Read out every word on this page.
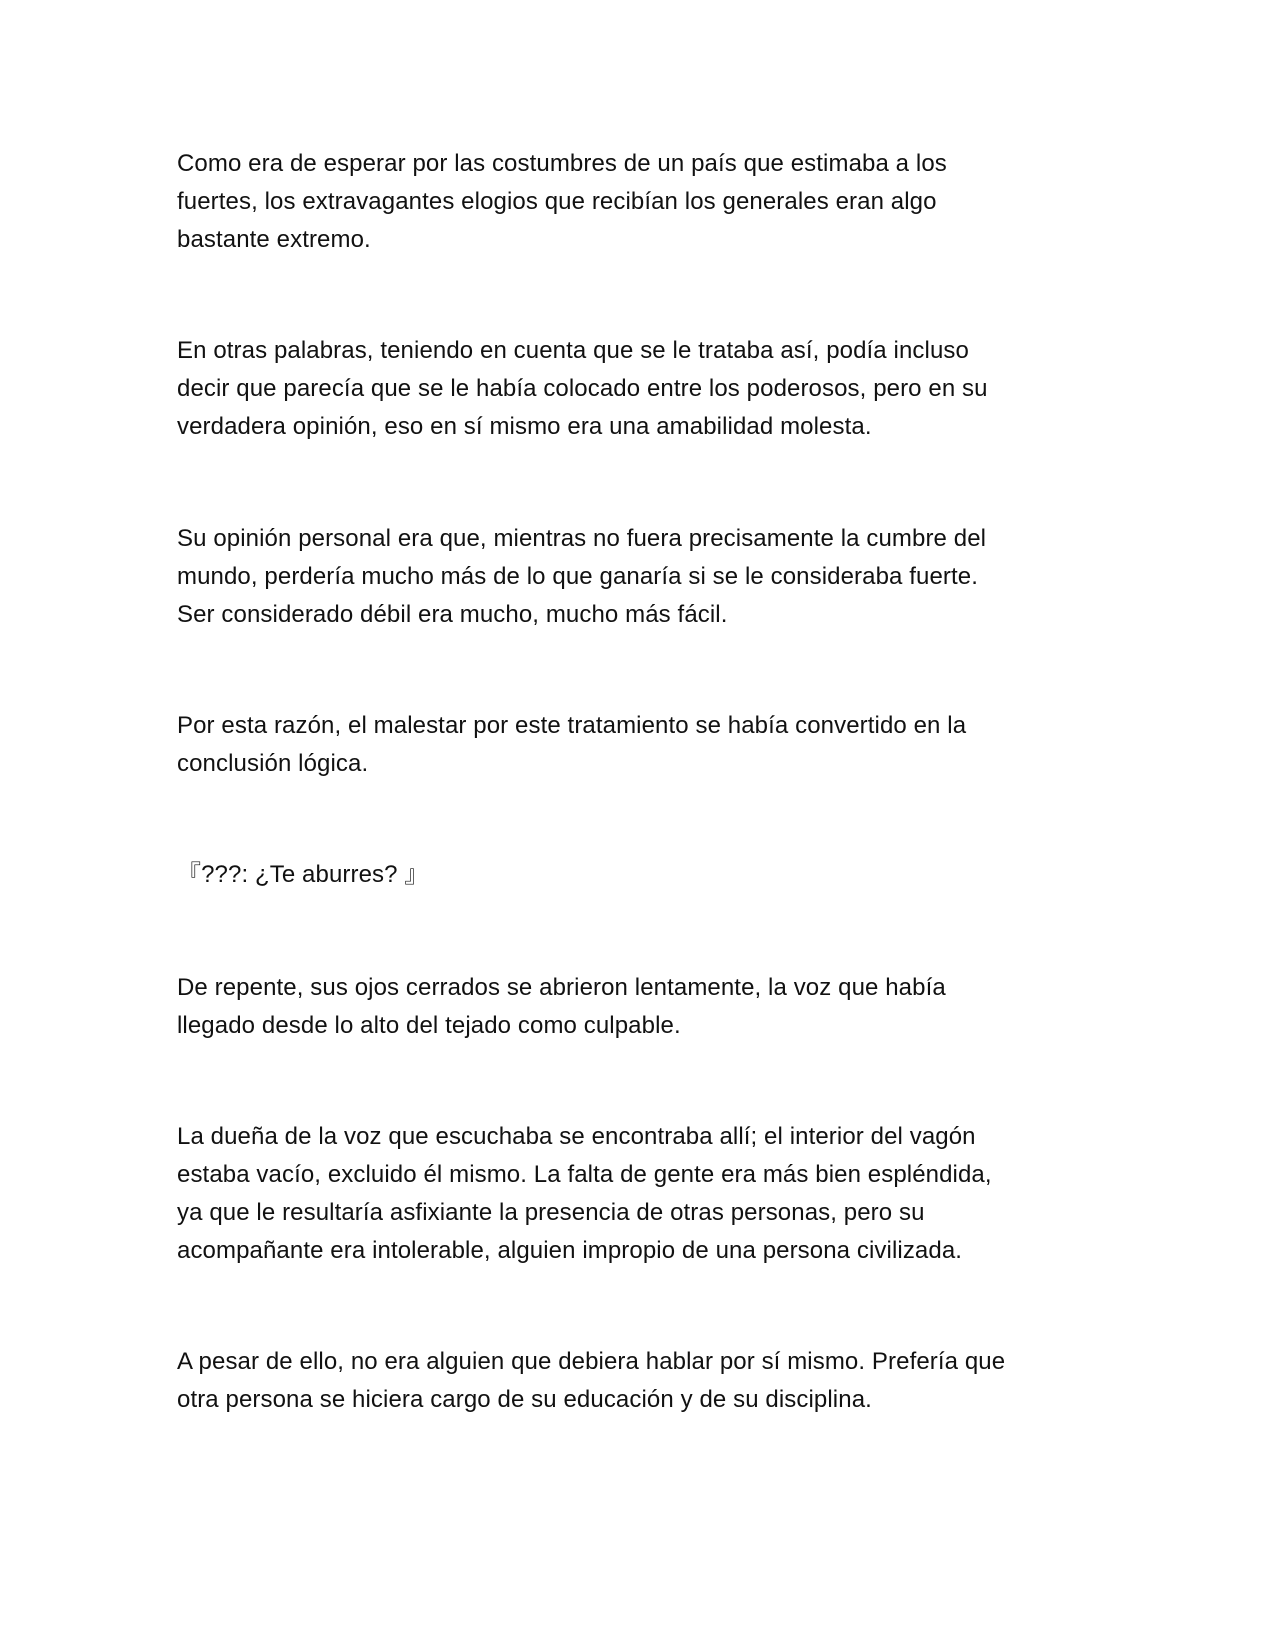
Como era de esperar por las costumbres de un país que estimaba a los
fuertes, los extravagantes elogios que recibían los generales eran algo
bastante extremo.

En otras palabras, teniendo en cuenta que se le trataba así, podía incluso
decir que parecía que se le había colocado entre los poderosos, pero en su
verdadera opinión, eso en sí mismo era una amabilidad molesta.

Su opinión personal era que, mientras no fuera precisamente la cumbre del
mundo, perdería mucho más de lo que ganaría si se le consideraba fuerte.
Ser considerado débil era mucho, mucho más fácil.

Por esta razón, el malestar por este tratamiento se había convertido en la
conclusión lógica.

『???: ¿Te aburres? 』

De repente, sus ojos cerrados se abrieron lentamente, la voz que había
llegado desde lo alto del tejado como culpable.

La dueña de la voz que escuchaba se encontraba allí; el interior del vagón
estaba vacío, excluido él mismo. La falta de gente era más bien espléndida,
ya que le resultaría asfixiante la presencia de otras personas, pero su
acompañante era intolerable, alguien impropio de una persona civilizada.

A pesar de ello, no era alguien que debiera hablar por sí mismo. Prefería que
otra persona se hiciera cargo de su educación y de su disciplina.
